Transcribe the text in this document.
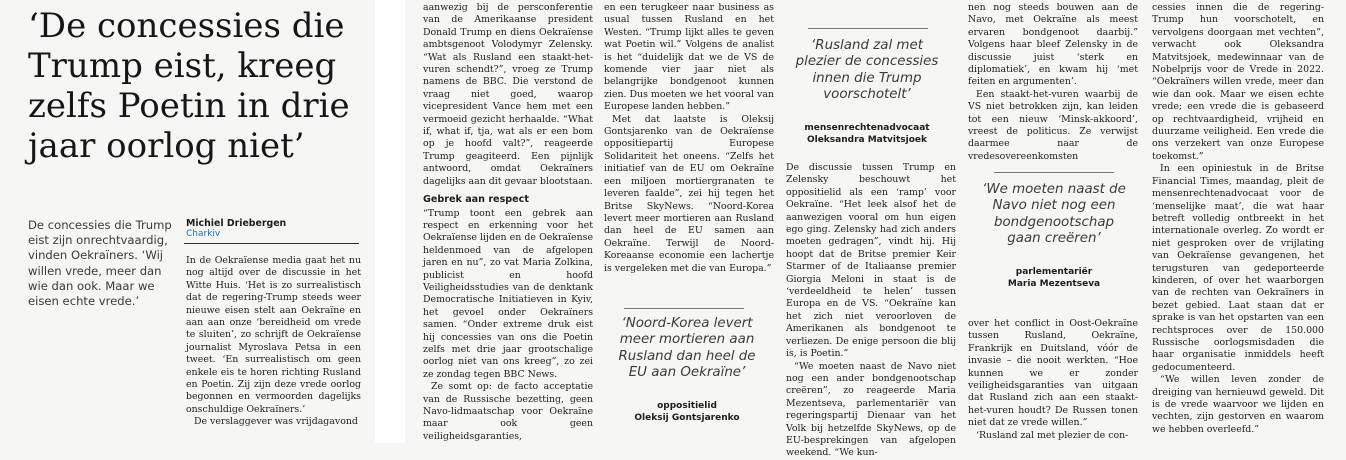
‘De concessies die Trump eist, kreeg zelfs Poetin in drie jaar oorlog niet’
De concessies die Trump eist zijn onrechtvaardig, vinden Oekraïners. ‘Wij willen vrede, meer dan wie dan ook. Maar we eisen echte vrede.’
Michiel Driebergen
Charkiv

In de Oekraïense media gaat het nu nog altijd over de discussie in het Witte Huis. ‘Het is zo surrealistisch dat de regering-Trump steeds weer nieuwe eisen stelt aan Oekraïne en aan aan onze ‘bereidheid om vrede te sluiten’, zo schrijft de Oekraïense journalist Myroslava Petsa in een tweet. ‘En surrealistisch om geen enkele eis te horen richting Rusland en Poetin. Zij zijn deze vrede oorlog begonnen en vermoorden dagelijks onschuldige Oekraïners.’

De verslaggever was vrijdagavond

aanwezig bij de persconferentie van de Amerikaanse president Donald Trump en diens Oekraïense ambtsgenoot Volodymyr Zelensky. “Wat als Rusland een staakt-het-vuren schendt?”, vroeg ze Trump namens de BBC. Die verstond de vraag niet goed, waarop vicepresident Vance hem met een vermoeid gezicht herhaalde. “What if, what if, tja, wat als er een bom op je hoofd valt?”, reageerde Trump geagiteerd. Een pijnlijk antwoord, omdat Oekraïners dagelijks aan dit gevaar blootstaan.

Gebrek aan respect

“Trump toont een gebrek aan respect en erkenning voor het Oekraïense lijden en de Oekraïense heldenmoed van de afgelopen jaren en nu”, zo vat Maria Zolkina, publicist en hoofd Veiligheidsstudies van de denktank Democratische Initiatieven in Kyiv, het gevoel onder Oekraïners samen. “Onder extreme druk eist hij concessies van ons die Poetin zelfs met drie jaar grootschalige oorlog niet van ons kreeg”, zo zei ze zondag tegen BBC News.

Ze somt op: de facto acceptatie van de Russische bezetting, geen Navo-lidmaatschap voor Oekraïne maar ook geen veiligheidsgaranties,

en een terugkeer naar business as usual tussen Rusland en het Westen. “Trump lijkt alles te geven wat Poetin wil.” Volgens de analist is het “duidelijk dat we de VS de komende vier jaar niet als belangrijke bondgenoot kunnen zien. Dus moeten we het vooral van Europese landen hebben.”

Met dat laatste is Oleksij Gontsjarenko van de Oekraïense oppositiepartij Europese Solidariteit het oneens. “Zelfs het initiatief van de EU om Oekraïne een miljoen mortiergranaten te leveren faalde”, zei hij tegen het Britse SkyNews. “Noord-Korea levert meer mortieren aan Rusland dan heel de EU samen aan Oekraïne. Terwijl de Noord-Koreaanse economie een lachertje is vergeleken met die van Europa.”

‘Noord-Korea levert meer mortieren aan Rusland dan heel de EU aan Oekraïne’
oppositielid
Oleksij Gontsjarenko
‘Rusland zal met plezier de concessies innen die Trump voorschotelt’
mensenrechtenadvocaat
Oleksandra Matvitsjoek

De discussie tussen Trump en Zelensky beschouwt het oppositielid als een ‘ramp’ voor Oekraïne. “Het leek alsof het de aanwezigen vooral om hun eigen ego ging. Zelensky had zich anders moeten gedragen”, vindt hij. Hij hoopt dat de Britse premier Keir Starmer of de Italiaanse premier Giorgia Meloni in staat is de ‘verdeeldheid te helen’ tussen Europa en de VS. “Oekraïne kan het zich niet veroorloven de Amerikanen als bondgenoot te verliezen. De enige persoon die blij is, is Poetin.”

“We moeten naast de Navo niet nog een ander bondgenootschap creëren”, zo reageerde Maria Mezentseva, parlementariër van regeringspartij Dienaar van het Volk bij hetzelfde SkyNews, op de EU-besprekingen van afgelopen weekend. “We kun-

nen nog steeds bouwen aan de Navo, met Oekraïne als meest ervaren bondgenoot daarbij.” Volgens haar bleef Zelensky in de discussie juist ‘sterk en diplomatiek’, en kwam hij ‘met feiten en argumenten’.

Een staakt-het-vuren waarbij de VS niet betrokken zijn, kan leiden tot een nieuw ‘Minsk-akkoord’, vreest de politicus. Ze verwijst daarmee naar de vredesovereenkomsten

‘We moeten naast de Navo niet nog een bondgenootschap gaan creëren’
parlementariër
Maria Mezentseva

over het conflict in Oost-Oekraïne tussen Rusland, Oekraïne, Frankrijk en Duitsland, vóór de invasie – die nooit werkten. “Hoe kunnen we er zonder veiligheidsgaranties van uitgaan dat Rusland zich aan een staakt-het-vuren houdt? De Russen tonen niet dat ze vrede willen.”

‘Rusland zal met plezier de con-

cessies innen die de regering-Trump hun voorschotelt, en vervolgens doorgaan met vechten”, verwacht ook Oleksandra Matvitsjoek, medewinnaar van de Nobelprijs voor de Vrede in 2022. “Oekraïners willen vrede, meer dan wie dan ook. Maar we eisen echte vrede; een vrede die is gebaseerd op rechtvaardigheid, vrijheid en duurzame veiligheid. Een vrede die ons verzekert van onze Europese toekomst.”

In een opiniestuk in de Britse Financial Times, maandag, pleit de mensenrechtenadvocaat voor de ‘menselijke maat’, die wat haar betreft volledig ontbreekt in het internationale overleg. Zo wordt er niet gesproken over de vrijlating van Oekraïense gevangenen, het terugsturen van gedeporteerde kinderen, of over het waarborgen van de rechten van Oekraïners in bezet gebied. Laat staan dat er sprake is van het opstarten van een rechtsproces over de 150.000 Russische oorlogsmisdaden die haar organisatie inmiddels heeft gedocumenteerd.

“We willen leven zonder de dreiging van hernieuwd geweld. Dit is de vrede waarvoor we lijden en vechten, zijn gestorven en waarom we hebben overleefd.”
